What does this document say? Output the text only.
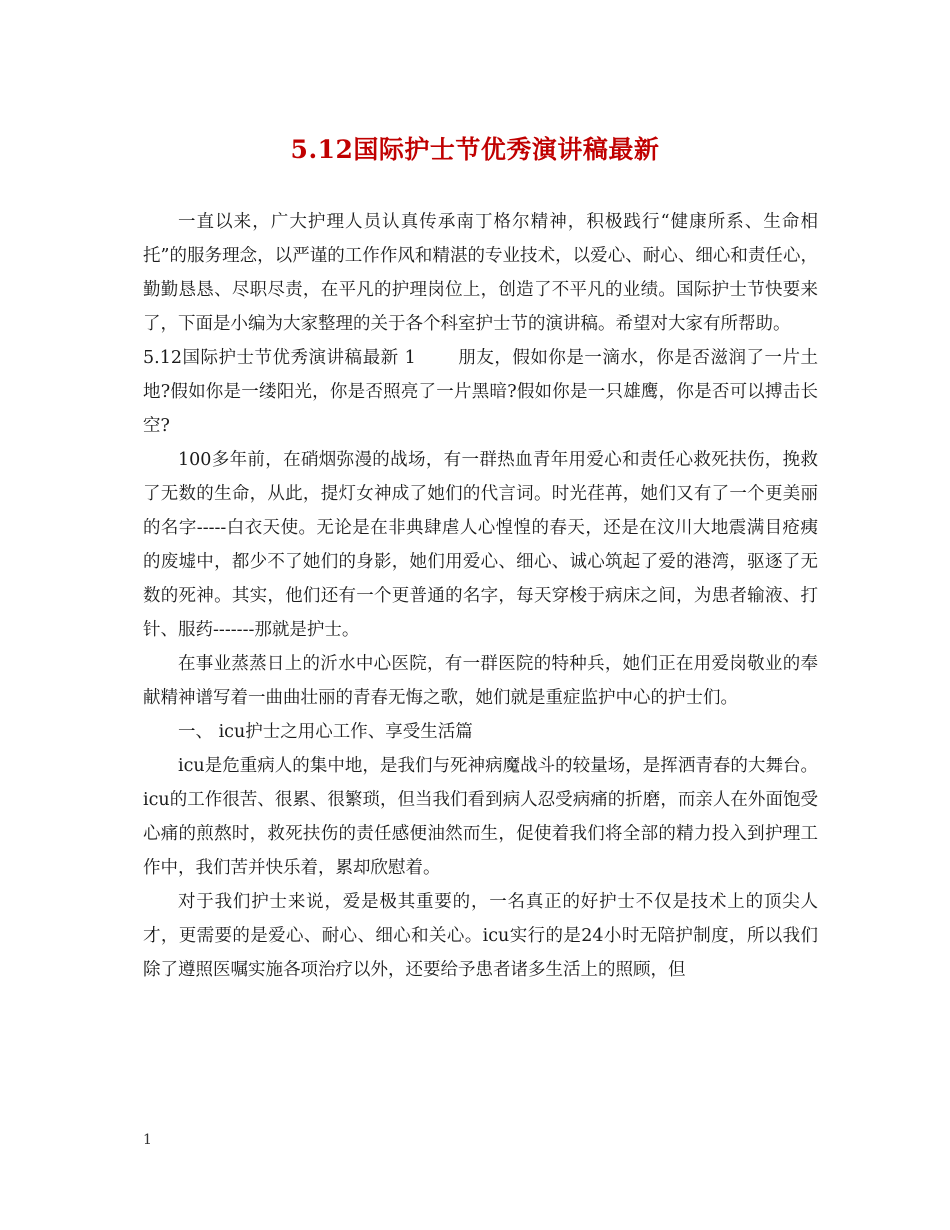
5.12国际护士节优秀演讲稿最新

一直以来，广大护理人员认真传承南丁格尔精神，积极践行“健康所系、生命相托”的服务理念，以严谨的工作作风和精湛的专业技术，以爱心、耐心、细心和责任心，勤勤恳恳、尽职尽责，在平凡的护理岗位上，创造了不平凡的业绩。国际护士节快要来了，下面是小编为大家整理的关于各个科室护士节的演讲稿。希望对大家有所帮助。

5.12国际护士节优秀演讲稿最新 1 朋友，假如你是一滴水，你是否滋润了一片土地?假如你是一缕阳光，你是否照亮了一片黑暗?假如你是一只雄鹰，你是否可以搏击长空?

100多年前，在硝烟弥漫的战场，有一群热血青年用爱心和责任心救死扶伤，挽救了无数的生命，从此，提灯女神成了她们的代言词。时光荏苒，她们又有了一个更美丽的名字-----白衣天使。无论是在非典肆虐人心惶惶的春天，还是在汶川大地震满目疮痍的废墟中，都少不了她们的身影，她们用爱心、细心、诚心筑起了爱的港湾，驱逐了无数的死神。其实，他们还有一个更普通的名字，每天穿梭于病床之间，为患者输液、打针、服药-------那就是护士。

在事业蒸蒸日上的沂水中心医院，有一群医院的特种兵，她们正在用爱岗敬业的奉献精神谱写着一曲曲壮丽的青春无悔之歌，她们就是重症监护中心的护士们。

一、 icu护士之用心工作、享受生活篇

icu是危重病人的集中地，是我们与死神病魔战斗的较量场，是挥洒青春的大舞台。icu的工作很苦、很累、很繁琐，但当我们看到病人忍受病痛的折磨，而亲人在外面饱受心痛的煎熬时，救死扶伤的责任感便油然而生，促使着我们将全部的精力投入到护理工作中，我们苦并快乐着，累却欣慰着。

对于我们护士来说，爱是极其重要的，一名真正的好护士不仅是技术上的顶尖人才，更需要的是爱心、耐心、细心和关心。icu实行的是24小时无陪护制度，所以我们除了遵照医嘱实施各项治疗以外，还要给予患者诸多生活上的照顾，但

1
